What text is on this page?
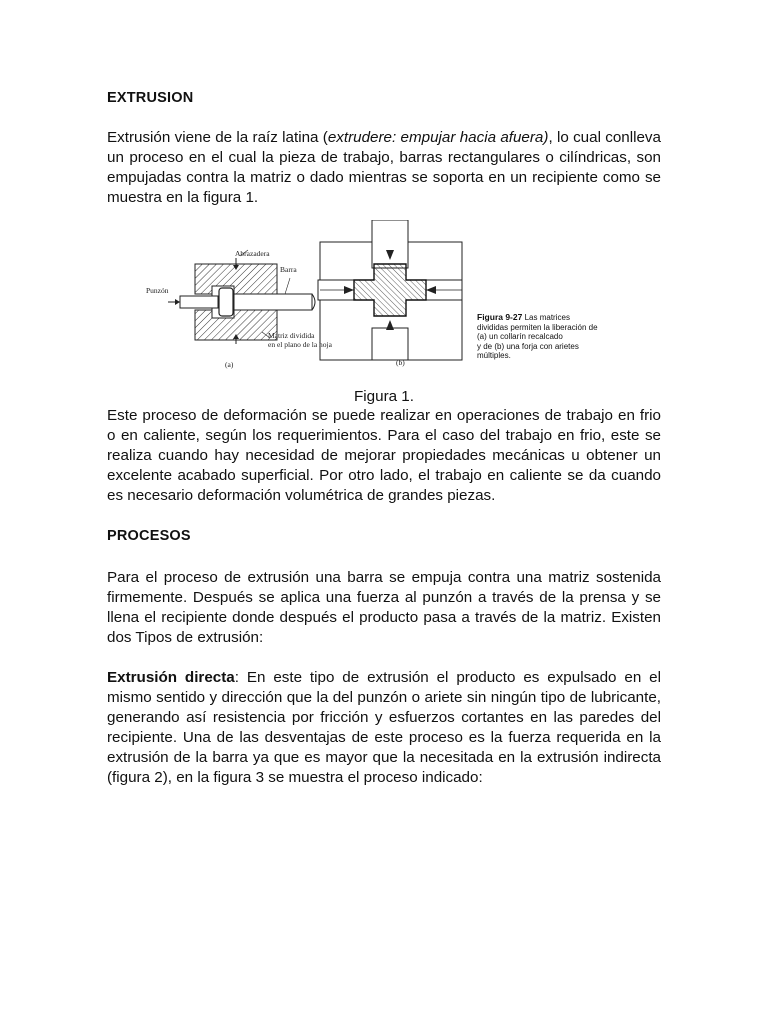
EXTRUSION

Extrusión viene de la raíz latina (extrudere: empujar hacia afuera), lo cual conlleva un proceso en el cual la pieza de trabajo, barras rectangulares o cilíndricas, son empujadas contra la matriz o dado mientras se soporta en un recipiente como se muestra en la figura 1.

Figura 1.

Este proceso de deformación se puede realizar en operaciones de trabajo en frio o en caliente, según los requerimientos. Para el caso del trabajo en frio, este se realiza cuando hay necesidad de mejorar propiedades mecánicas u obtener un excelente acabado superficial. Por otro lado, el trabajo en caliente se da cuando es necesario deformación volumétrica de grandes piezas.

PROCESOS

Para el proceso de extrusión una barra se empuja contra una matriz sostenida firmemente. Después se aplica una fuerza al punzón a través de la prensa y se llena el recipiente donde después el producto pasa a través de la matriz. Existen dos Tipos de extrusión:

Extrusión directa: En este tipo de extrusión el producto es expulsado en el mismo sentido y dirección que la del punzón o ariete sin ningún tipo de lubricante, generando así resistencia por fricción y esfuerzos cortantes en las paredes del recipiente. Una de las desventajas de este proceso es la fuerza requerida en la extrusión de la barra ya que es mayor que la necesitada en la extrusión indirecta (figura 2), en la figura 3 se muestra el proceso indicado:

Abrazadera
Barra
Punzón
Matriz dividida
en el plano de la hoja
(a)	(b)
Figura 9-27 Las matrices
divididas permiten la liberación de
(a) un collarín recalcado
y de (b) una forja con arietes
múltiples.
